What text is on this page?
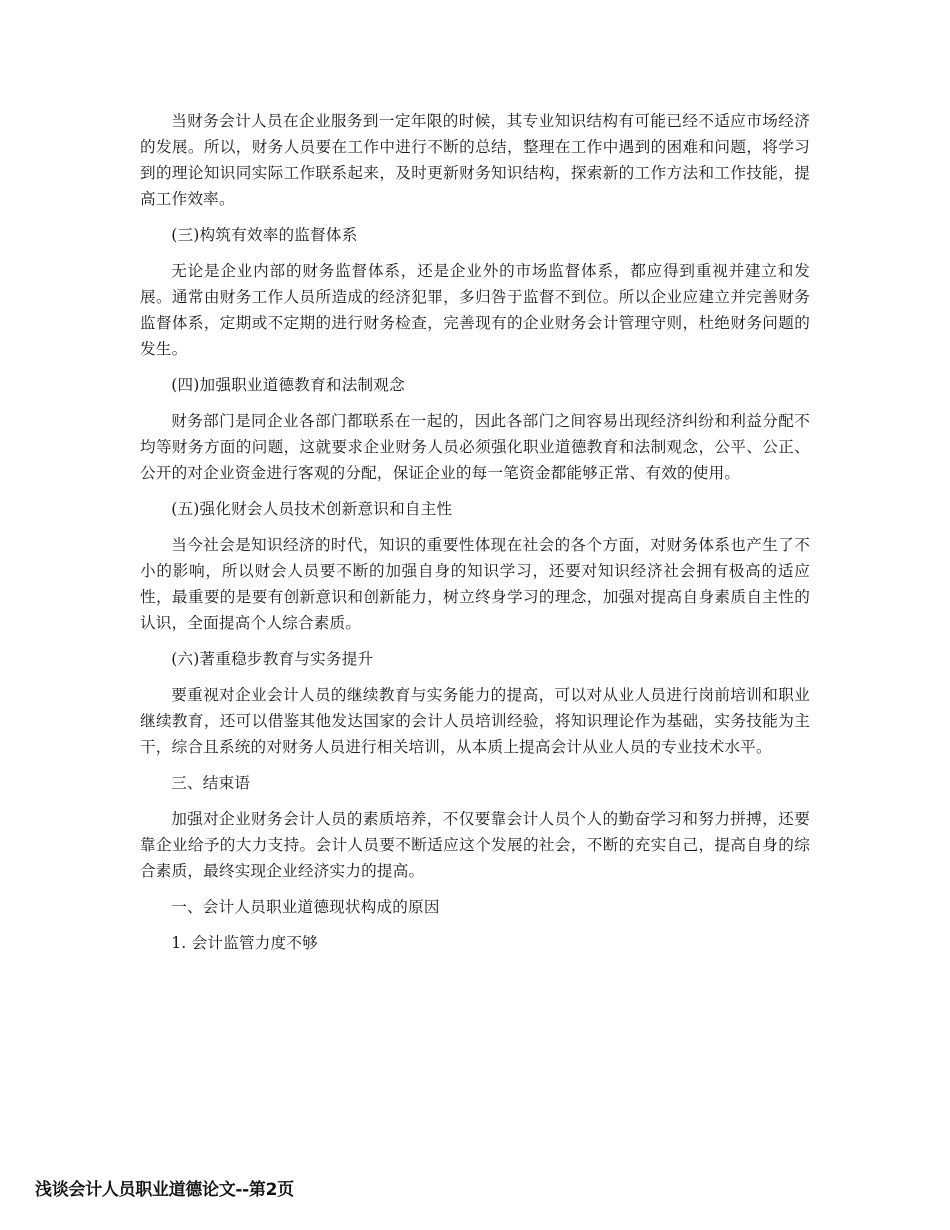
当财务会计人员在企业服务到一定年限的时候，其专业知识结构有可能已经不适应市场经济的发展。所以，财务人员要在工作中进行不断的总结，整理在工作中遇到的困难和问题，将学习到的理论知识同实际工作联系起来，及时更新财务知识结构，探索新的工作方法和工作技能，提高工作效率。

(三)构筑有效率的监督体系

无论是企业内部的财务监督体系，还是企业外的市场监督体系，都应得到重视并建立和发展。通常由财务工作人员所造成的经济犯罪，多归咎于监督不到位。所以企业应建立并完善财务监督体系，定期或不定期的进行财务检查，完善现有的企业财务会计管理守则，杜绝财务问题的发生。

(四)加强职业道德教育和法制观念

财务部门是同企业各部门都联系在一起的，因此各部门之间容易出现经济纠纷和利益分配不均等财务方面的问题，这就要求企业财务人员必须强化职业道德教育和法制观念，公平、公正、公开的对企业资金进行客观的分配，保证企业的每一笔资金都能够正常、有效的使用。

(五)强化财会人员技术创新意识和自主性

当今社会是知识经济的时代，知识的重要性体现在社会的各个方面，对财务体系也产生了不小的影响，所以财会人员要不断的加强自身的知识学习，还要对知识经济社会拥有极高的适应性，最重要的是要有创新意识和创新能力，树立终身学习的理念，加强对提高自身素质自主性的认识，全面提高个人综合素质。

(六)著重稳步教育与实务提升

要重视对企业会计人员的继续教育与实务能力的提高，可以对从业人员进行岗前培训和职业继续教育，还可以借鉴其他发达国家的会计人员培训经验，将知识理论作为基础，实务技能为主干，综合且系统的对财务人员进行相关培训，从本质上提高会计从业人员的专业技术水平。

三、结束语

加强对企业财务会计人员的素质培养，不仅要靠会计人员个人的勤奋学习和努力拼搏，还要靠企业给予的大力支持。会计人员要不断适应这个发展的社会，不断的充实自己，提高自身的综合素质，最终实现企业经济实力的提高。

一、会计人员职业道德现状构成的原因

1. 会计监管力度不够

浅谈会计人员职业道德论文--第2页
